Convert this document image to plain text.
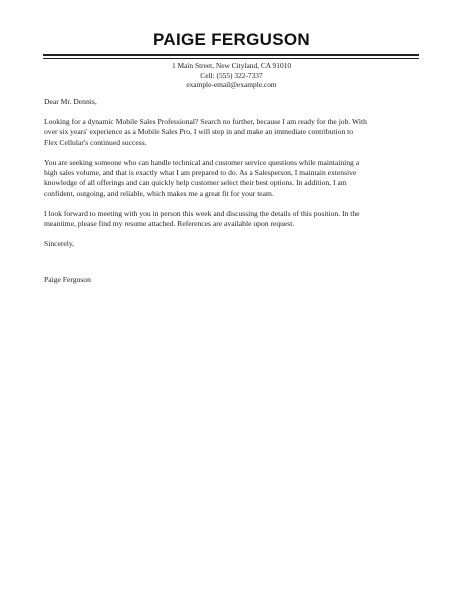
PAIGE FERGUSON
1 Main Street, New Cityland, CA 91010
Cell: (555) 322-7337
example-email@example.com

Dear Mr. Dennis,

Looking for a dynamic Mobile Sales Professional? Search no further, because I am ready for the job. With
over six years' experience as a Mobile Sales Pro, I will step in and make an immediate contribution to
Flex Cellular's continued success.

You are seeking someone who can handle technical and customer service questions while maintaining a
high sales volume, and that is exactly what I am prepared to do. As a Salesperson, I maintain extensive
knowledge of all offerings and can quickly help customer select their best options. In addition, I am
confident, outgoing, and reliable, which makes me a great fit for your team.

I look forward to meeting with you in person this week and discussing the details of this position. In the
meantime, please find my resume attached. References are available upon request.

Sincerely,

Paige Ferguson
